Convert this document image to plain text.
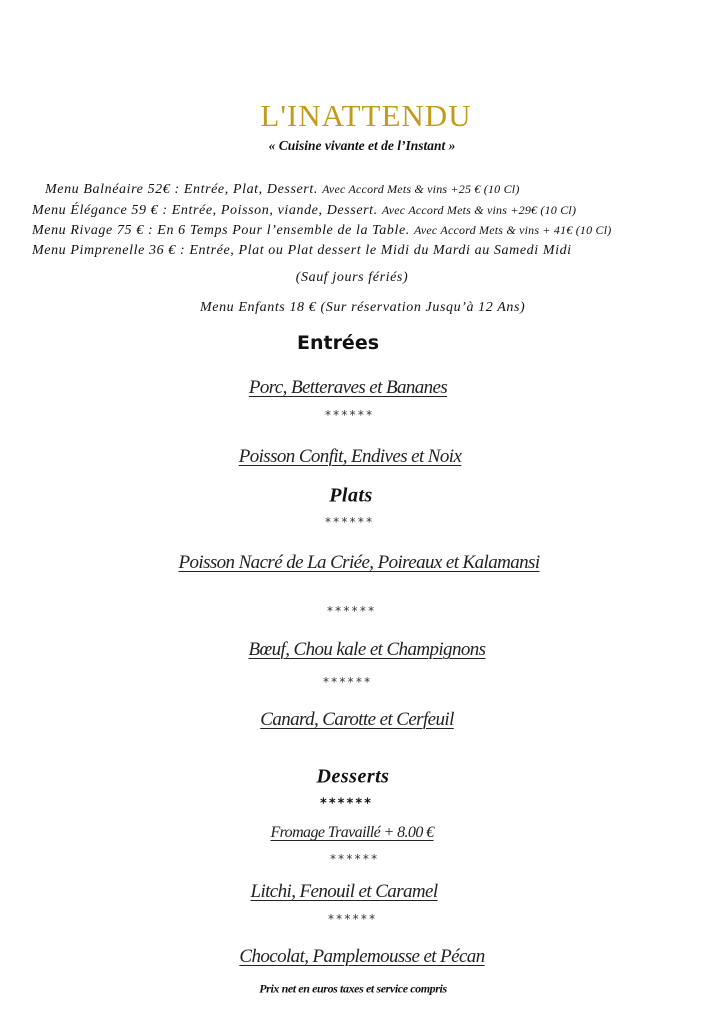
L'INATTENDU
« Cuisine vivante et de l’Instant »
Menu Balnéaire 52€ : Entrée, Plat, Dessert. Avec Accord Mets & vins +25 € (10 Cl)
Menu Élégance 59 € : Entrée, Poisson, viande, Dessert. Avec Accord Mets & vins +29€ (10 Cl)
Menu Rivage 75 € : En 6 Temps Pour l’ensemble de la Table. Avec Accord Mets & vins + 41€ (10 Cl)
Menu Pimprenelle 36 € : Entrée, Plat ou Plat dessert le Midi du Mardi au Samedi Midi
(Sauf jours fériés)
Menu Enfants 18 € (Sur réservation Jusqu’à 12 Ans)
Entrées
Porc, Betteraves et Bananes
******
Poisson Confit, Endives et Noix
Plats
******
Poisson Nacré de La Criée, Poireaux et Kalamansi
******
Bœuf, Chou kale et Champignons
******
Canard, Carotte et Cerfeuil
Desserts
******
Fromage Travaillé + 8.00 €
******
Litchi, Fenouil et Caramel
******
Chocolat, Pamplemousse et Pécan
Prix net en euros taxes et service compris
